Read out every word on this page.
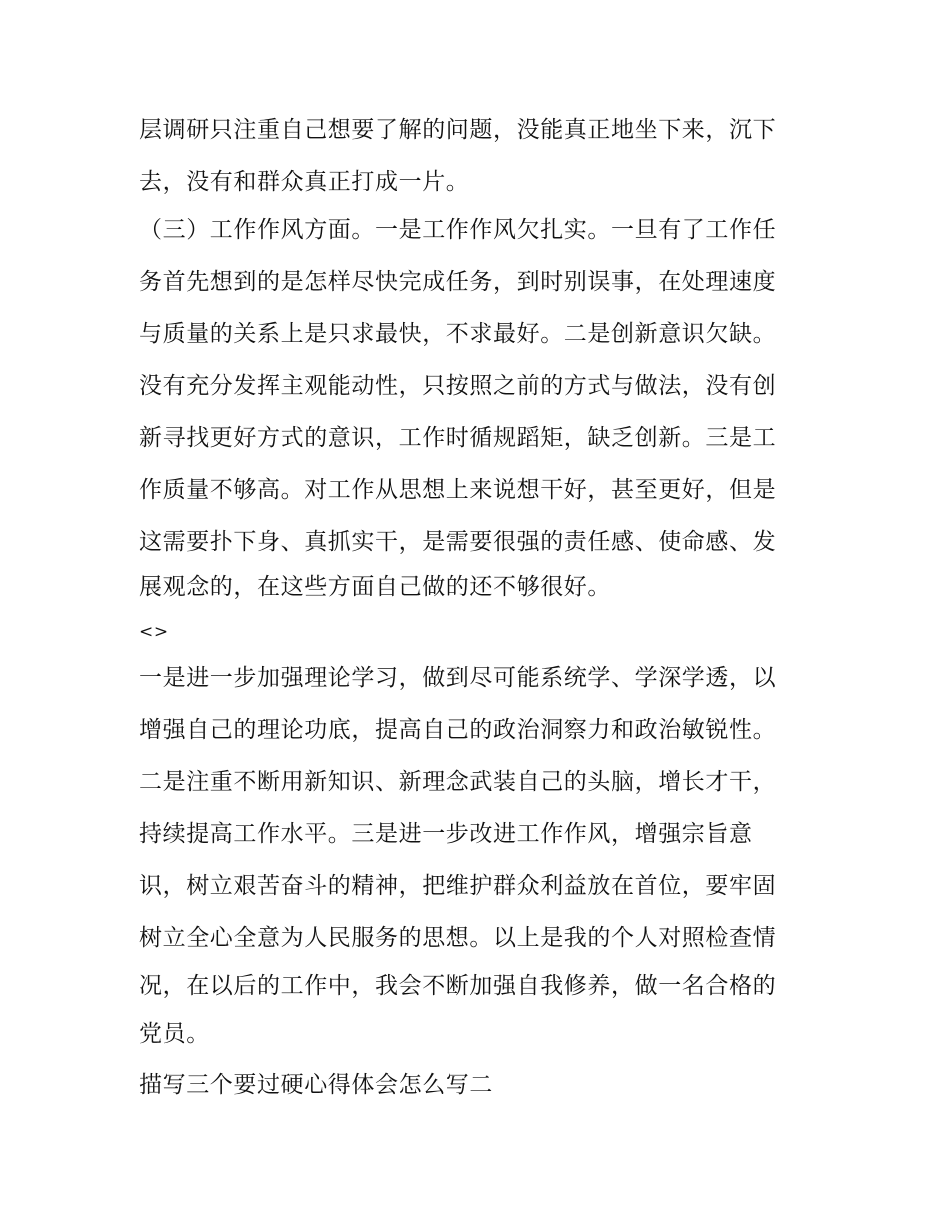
层调研只注重自己想要了解的问题，没能真正地坐下来，沉下
去，没有和群众真正打成一片。
（三）工作作风方面。一是工作作风欠扎实。一旦有了工作任
务首先想到的是怎样尽快完成任务，到时别误事，在处理速度
与质量的关系上是只求最快，不求最好。二是创新意识欠缺。
没有充分发挥主观能动性，只按照之前的方式与做法，没有创
新寻找更好方式的意识，工作时循规蹈矩，缺乏创新。三是工
作质量不够高。对工作从思想上来说想干好，甚至更好，但是
这需要扑下身、真抓实干，是需要很强的责任感、使命感、发
展观念的，在这些方面自己做的还不够很好。
<>
一是进一步加强理论学习，做到尽可能系统学、学深学透，以
增强自己的理论功底，提高自己的政治洞察力和政治敏锐性。
二是注重不断用新知识、新理念武装自己的头脑，增长才干，
持续提高工作水平。三是进一步改进工作作风，增强宗旨意
识，树立艰苦奋斗的精神，把维护群众利益放在首位，要牢固
树立全心全意为人民服务的思想。以上是我的个人对照检查情
况，在以后的工作中，我会不断加强自我修养，做一名合格的
党员。
描写三个要过硬心得体会怎么写二
